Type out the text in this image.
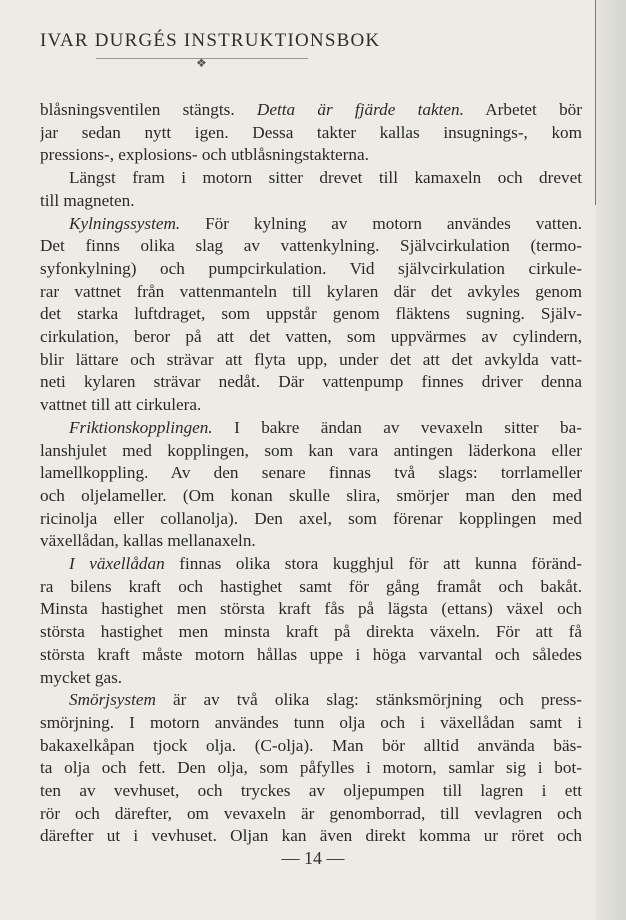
IVAR DURGÉS INSTRUKTIONSBOK
❖
blåsningsventilen stängts. Detta är fjärde takten. Arbetet bör
jar sedan nytt igen. Dessa takter kallas insugnings-, kom
pressions-, explosions- och utblåsningstakterna.
Längst fram i motorn sitter drevet till kamaxeln och drevet
till magneten.
Kylningssystem. För kylning av motorn användes vatten.
Det finns olika slag av vattenkylning. Självcirkulation (termo-
syfonkylning) och pumpcirkulation. Vid självcirkulation cirkule-
rar vattnet från vattenmanteln till kylaren där det avkyles genom
det starka luftdraget, som uppstår genom fläktens sugning. Själv-
cirkulation, beror på att det vatten, som uppvärmes av cylindern,
blir lättare och strävar att flyta upp, under det att det avkylda vatt-
neti kylaren strävar nedåt. Där vattenpump finnes driver denna
vattnet till att cirkulera.
Friktionskopplingen. I bakre ändan av vevaxeln sitter ba-
lanshjulet med kopplingen, som kan vara antingen läderkona eller
lamellkoppling. Av den senare finnas två slags: torrlameller
och oljelameller. (Om konan skulle slira, smörjer man den med
ricinolja eller collanolja). Den axel, som förenar kopplingen med
växellådan, kallas mellanaxeln.
I växellådan finnas olika stora kugghjul för att kunna föränd-
ra bilens kraft och hastighet samt för gång framåt och bakåt.
Minsta hastighet men största kraft fås på lägsta (ettans) växel och
största hastighet men minsta kraft på direkta växeln. För att få
största kraft måste motorn hållas uppe i höga varvantal och således
mycket gas.
Smörjsystem är av två olika slag: stänksmörjning och press-
smörjning. I motorn användes tunn olja och i växellådan samt i
bakaxelkåpan tjock olja. (C-olja). Man bör alltid använda bäs-
ta olja och fett. Den olja, som påfylles i motorn, samlar sig i bot-
ten av vevhuset, och tryckes av oljepumpen till lagren i ett
rör och därefter, om vevaxeln är genomborrad, till vevlagren och
därefter ut i vevhuset. Oljan kan även direkt komma ur röret och
— 14 —
